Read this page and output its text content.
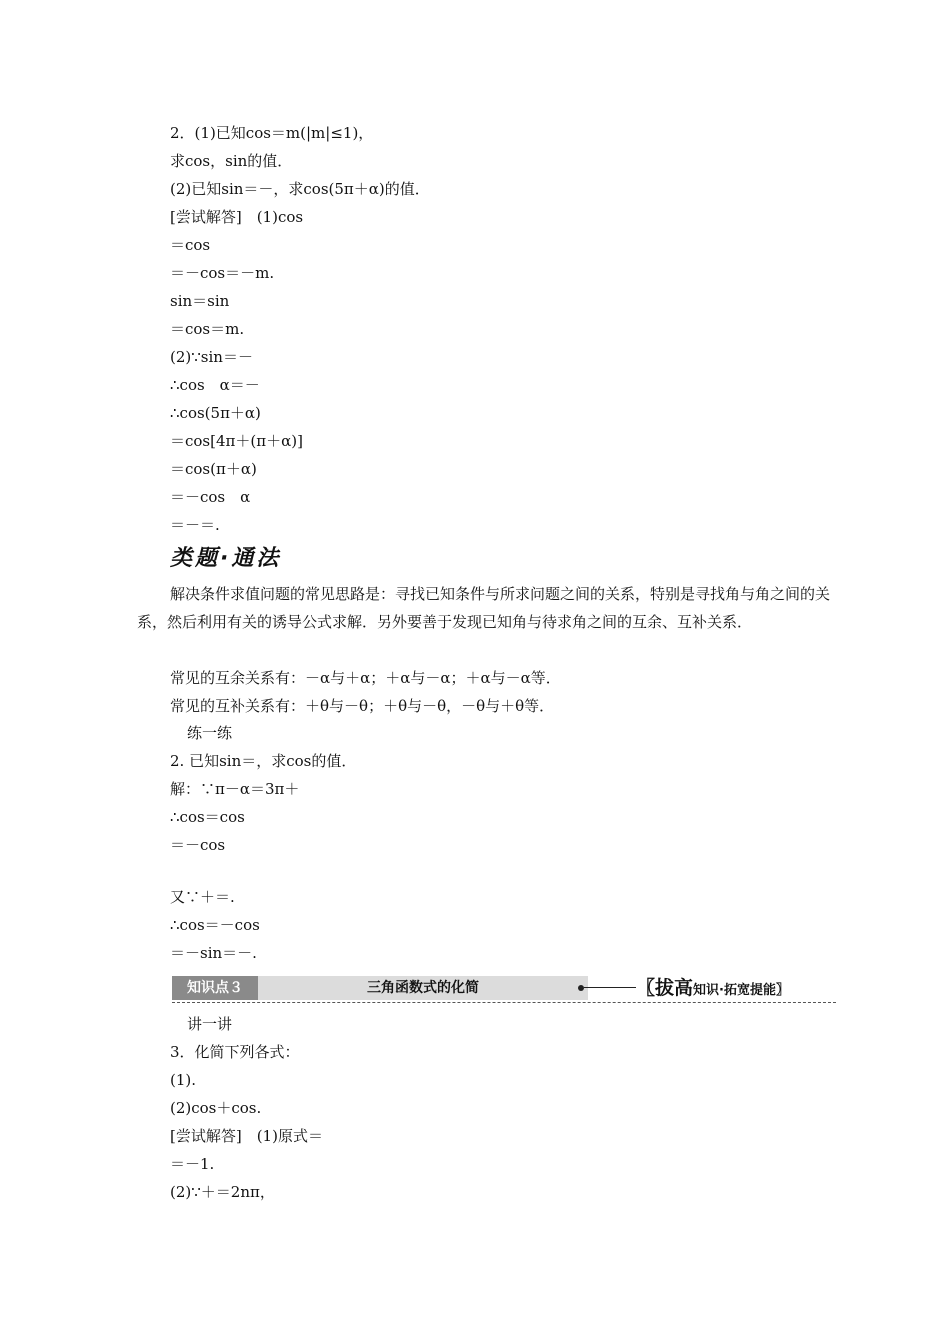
2．(1)已知cos＝m(|m|≤1)，
求cos，sin的值．
(2)已知sin＝－，求cos(5π＋α)的值．
[尝试解答]　(1)cos
＝cos
＝－cos＝－m.
sin＝sin
＝cos＝m.
(2)∵sin＝－
∴cos　α＝－
∴cos(5π＋α)
＝cos[4π＋(π＋α)]
＝cos(π＋α)
＝－cos　α
＝－＝.
类题·通法
解决条件求值问题的常见思路是：寻找已知条件与所求问题之间的关系，特别是寻找角与角之间的关系，然后利用有关的诱导公式求解．另外要善于发现已知角与待求角之间的互余、互补关系．
常见的互余关系有：－α与＋α；＋α与－α；＋α与－α等．
常见的互补关系有：＋θ与－θ；＋θ与－θ，－θ与＋θ等．
练一练
2. 已知sin＝，求cos的值．
解：∵π－α＝3π＋
∴cos＝cos
＝－cos
又∵＋＝.
∴cos＝－cos
＝－sin＝－.
知识点３	三角函数式的化简	〖拔高知识·拓宽提能〗
讲一讲
3．化简下列各式：
(1).
(2)cos＋cos.
[尝试解答]　(1)原式＝
＝－1.
(2)∵＋＝2nπ，
